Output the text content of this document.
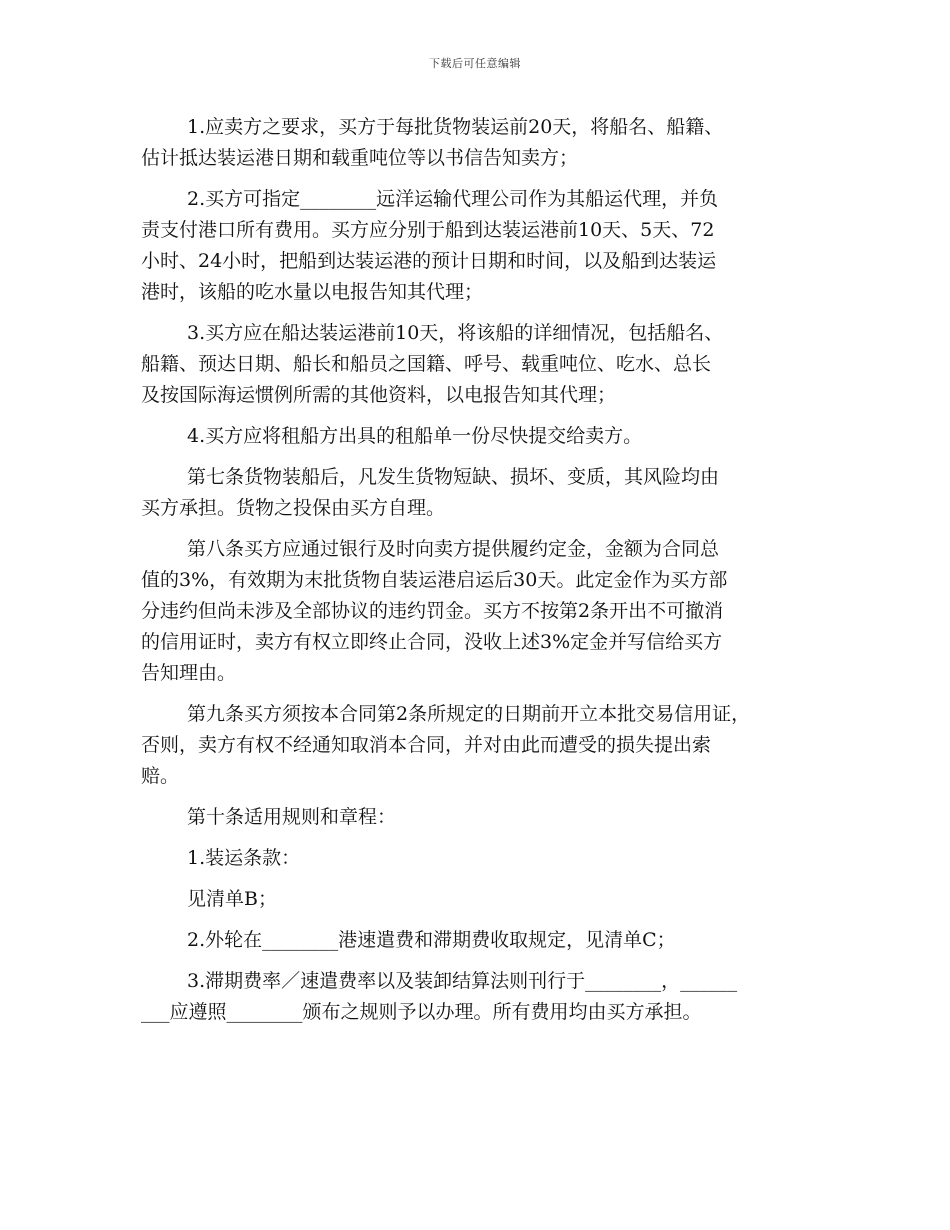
下载后可任意编辑
1.应卖方之要求，买方于每批货物装运前20天，将船名、船籍、
估计抵达装运港日期和载重吨位等以书信告知卖方；
2.买方可指定________远洋运输代理公司作为其船运代理，并负
责支付港口所有费用。买方应分别于船到达装运港前10天、5天、72
小时、24小时，把船到达装运港的预计日期和时间，以及船到达装运
港时，该船的吃水量以电报告知其代理；
3.买方应在船达装运港前10天，将该船的详细情况，包括船名、
船籍、预达日期、船长和船员之国籍、呼号、载重吨位、吃水、总长
及按国际海运惯例所需的其他资料，以电报告知其代理；
4.买方应将租船方出具的租船单一份尽快提交给卖方。
第七条货物装船后，凡发生货物短缺、损坏、变质，其风险均由
买方承担。货物之投保由买方自理。
第八条买方应通过银行及时向卖方提供履约定金，金额为合同总
值的3%，有效期为末批货物自装运港启运后30天。此定金作为买方部
分违约但尚未涉及全部协议的违约罚金。买方不按第2条开出不可撤消
的信用证时，卖方有权立即终止合同，没收上述3%定金并写信给买方
告知理由。
第九条买方须按本合同第2条所规定的日期前开立本批交易信用证，
否则，卖方有权不经通知取消本合同，并对由此而遭受的损失提出索
赔。
第十条适用规则和章程：
1.装运条款：
见清单B；
2.外轮在________港速遣费和滞期费收取规定，见清单C；
3.滞期费率／速遣费率以及装卸结算法则刊行于________，______
___应遵照________颁布之规则予以办理。所有费用均由买方承担。
